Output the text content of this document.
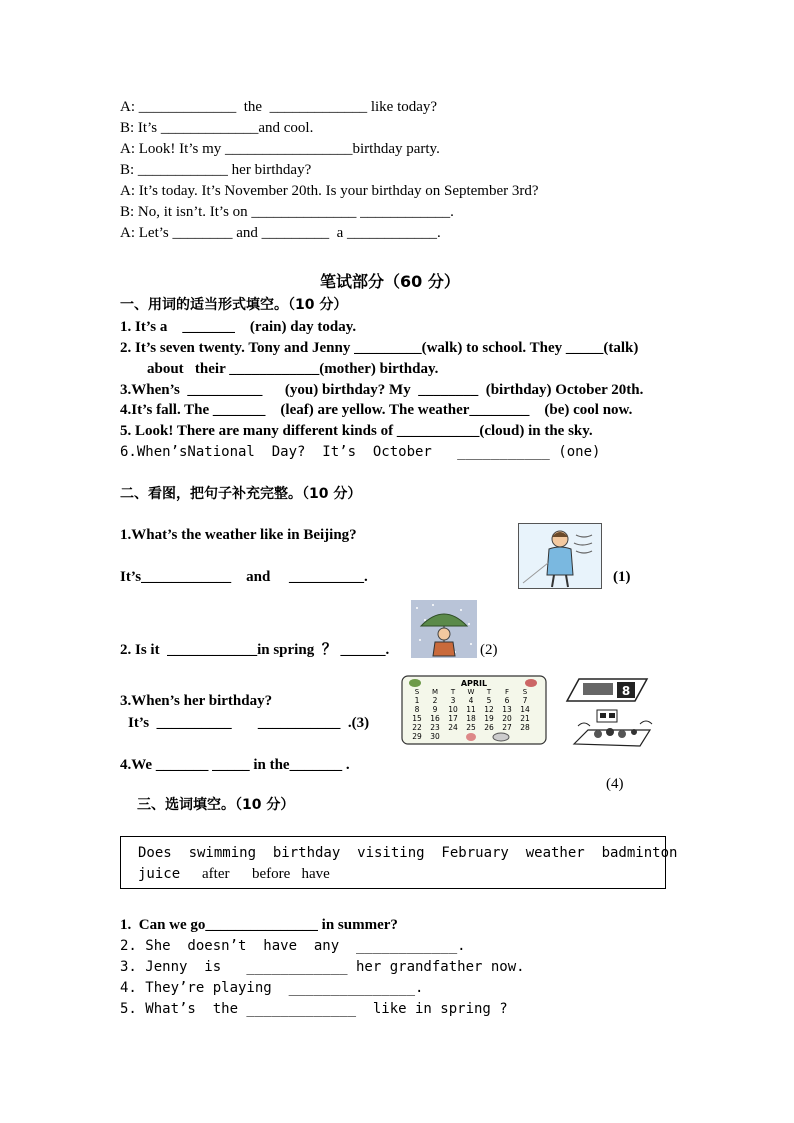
A: _____________  the  _____________ like today?
B: It’s _____________and cool.
A: Look! It’s my _________________birthday party.
B: ____________ her birthday?
A: It’s today. It’s November 20th. Is your birthday on September 3rd?
B: No, it isn’t. It’s on ______________ ____________.
A: Let’s ________ and _________  a ____________.
笔试部分（60 分）
一、用词的适当形式填空。（10 分）
1. It’s a    _______    (rain) day today.
2. It’s seven twenty. Tony and Jenny _________(walk) to school. They _____(talk)
about   their ____________(mother) birthday.
3.When’s  __________      (you) birthday? My  ________  (birthday) October 20th.
4.It’s fall. The _______    (leaf) are yellow. The weather________    (be) cool now.
5. Look! There are many different kinds of ___________(cloud) in the sky.
6.When’sNational  Day?  It’s  October   ___________ (one)
二、看图，把句子补充完整。（10 分）
1.What’s the weather like in Beijing?
It’s____________    and     __________.	(1)
2. Is it  ____________in spring  ？ ______.	(2)
3.When’s her birthday?
It’s  __________       ___________  .(3)
APRIL
S M T W T F S
1 2 3 4 5 6 7
8 9 10 11 12 13 14
15 16 17 18 19 20 21
22 23 24 25 26 27 28
29 30
4.We _______ _____ in the_______ .
8
(4)
三、选词填空。（10 分）
Does  swimming  birthday  visiting  February  weather  badminton
juice after      before   have
1.  Can we go_______________ in summer?
2. She  doesn’t  have  any  ____________.
3. Jenny  is   ____________ her grandfather now.
4. They’re playing  _______________.
5. What’s  the _____________  like in spring ?
